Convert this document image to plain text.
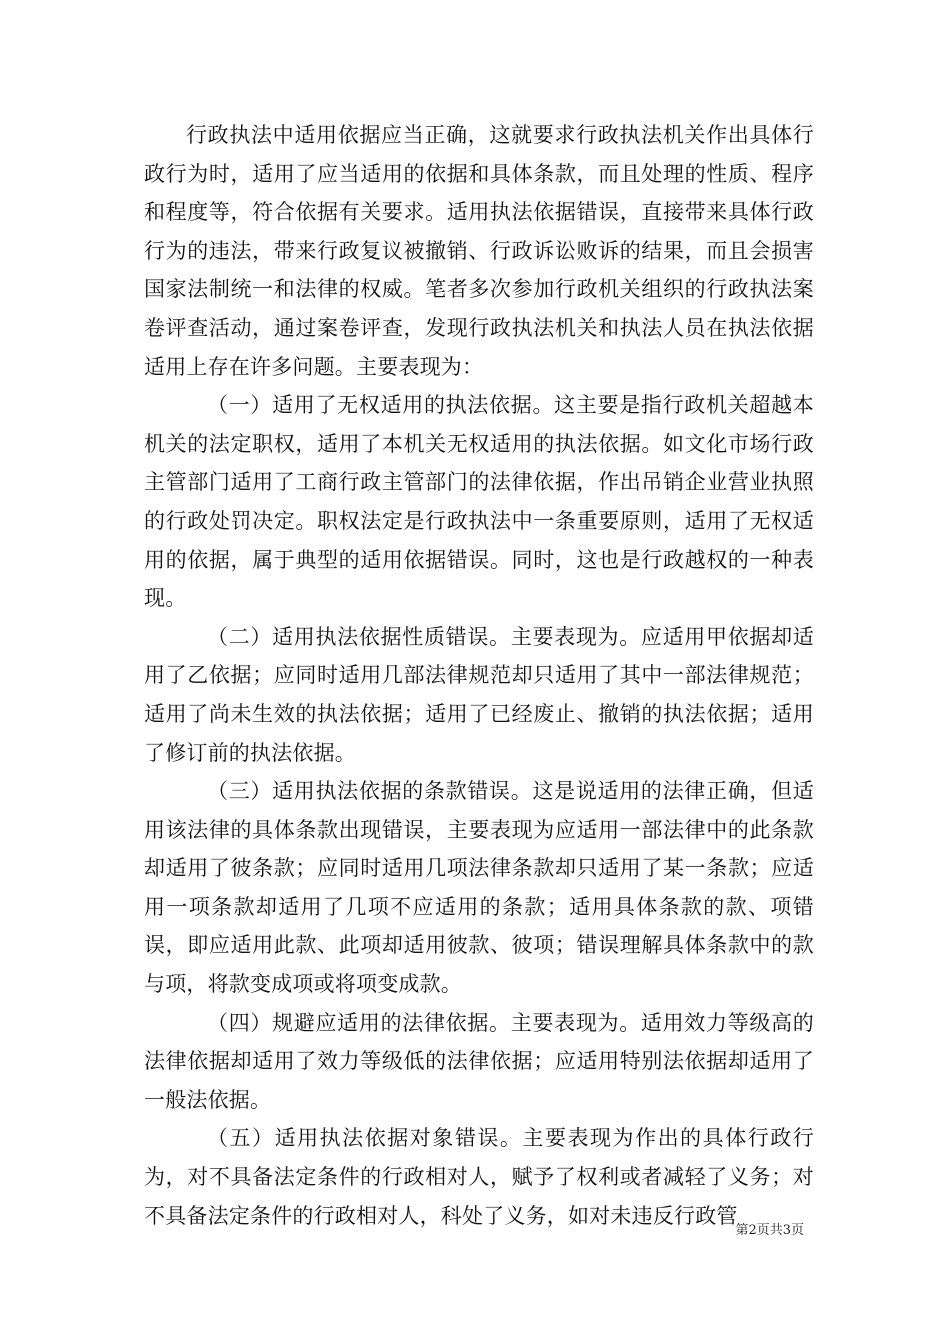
行政执法中适用依据应当正确，这就要求行政执法机关作出具体行政行为时，适用了应当适用的依据和具体条款，而且处理的性质、程序和程度等，符合依据有关要求。适用执法依据错误，直接带来具体行政行为的违法，带来行政复议被撤销、行政诉讼败诉的结果，而且会损害国家法制统一和法律的权威。笔者多次参加行政机关组织的行政执法案卷评查活动，通过案卷评查，发现行政执法机关和执法人员在执法依据适用上存在许多问题。主要表现为：

（一）适用了无权适用的执法依据。这主要是指行政机关超越本机关的法定职权，适用了本机关无权适用的执法依据。如文化市场行政主管部门适用了工商行政主管部门的法律依据，作出吊销企业营业执照的行政处罚决定。职权法定是行政执法中一条重要原则，适用了无权适用的依据，属于典型的适用依据错误。同时，这也是行政越权的一种表现。

（二）适用执法依据性质错误。主要表现为。应适用甲依据却适用了乙依据；应同时适用几部法律规范却只适用了其中一部法律规范；适用了尚未生效的执法依据；适用了已经废止、撤销的执法依据；适用了修订前的执法依据。

（三）适用执法依据的条款错误。这是说适用的法律正确，但适用该法律的具体条款出现错误，主要表现为应适用一部法律中的此条款却适用了彼条款；应同时适用几项法律条款却只适用了某一条款；应适用一项条款却适用了几项不应适用的条款；适用具体条款的款、项错误，即应适用此款、此项却适用彼款、彼项；错误理解具体条款中的款与项，将款变成项或将项变成款。

（四）规避应适用的法律依据。主要表现为。适用效力等级高的法律依据却适用了效力等级低的法律依据；应适用特别法依据却适用了一般法依据。

（五）适用执法依据对象错误。主要表现为作出的具体行政行为，对不具备法定条件的行政相对人，赋予了权利或者减轻了义务；对不具备法定条件的行政相对人，科处了义务，如对未违反行政管

第2页共3页
